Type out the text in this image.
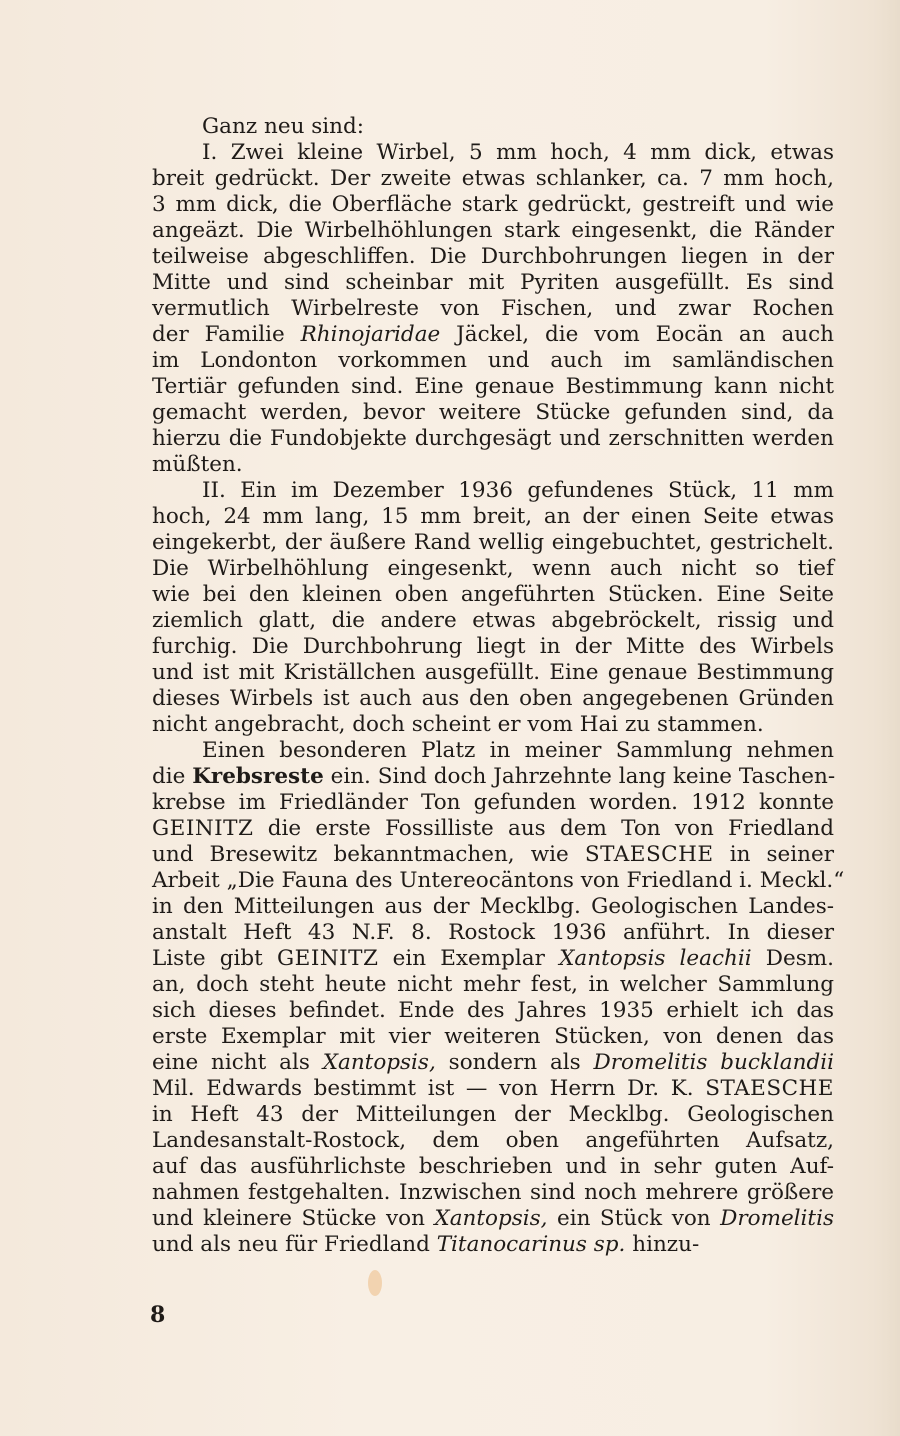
Ganz neu sind:
I. Zwei kleine Wirbel, 5 mm hoch, 4 mm dick, etwas
breit gedrückt. Der zweite etwas schlanker, ca. 7 mm hoch,
3 mm dick, die Oberfläche stark gedrückt, gestreift und wie
angeäzt. Die Wirbelhöhlungen stark eingesenkt, die Ränder
teilweise abgeschliffen. Die Durchbohrungen liegen in der
Mitte und sind scheinbar mit Pyriten ausgefüllt. Es sind
vermutlich Wirbelreste von Fischen, und zwar Rochen
der Familie Rhinojaridae Jäckel, die vom Eocän an auch
im Londonton vorkommen und auch im samländischen
Tertiär gefunden sind. Eine genaue Bestimmung kann nicht
gemacht werden, bevor weitere Stücke gefunden sind, da
hierzu die Fundobjekte durchgesägt und zerschnitten werden
müßten.
II. Ein im Dezember 1936 gefundenes Stück, 11 mm
hoch, 24 mm lang, 15 mm breit, an der einen Seite etwas
eingekerbt, der äußere Rand wellig eingebuchtet, gestrichelt.
Die Wirbelhöhlung eingesenkt, wenn auch nicht so tief
wie bei den kleinen oben angeführten Stücken. Eine Seite
ziemlich glatt, die andere etwas abgebröckelt, rissig und
furchig. Die Durchbohrung liegt in der Mitte des Wirbels
und ist mit Kriställchen ausgefüllt. Eine genaue Bestimmung
dieses Wirbels ist auch aus den oben angegebenen Gründen
nicht angebracht, doch scheint er vom Hai zu stammen.
Einen besonderen Platz in meiner Sammlung nehmen
die Krebsreste ein. Sind doch Jahrzehnte lang keine Taschen-
krebse im Friedländer Ton gefunden worden. 1912 konnte
GEINITZ die erste Fossilliste aus dem Ton von Friedland
und Bresewitz bekanntmachen, wie STAESCHE in seiner
Arbeit „Die Fauna des Untereocäntons von Friedland i. Meckl.“
in den Mitteilungen aus der Mecklbg. Geologischen Landes-
anstalt Heft 43 N.F. 8. Rostock 1936 anführt. In dieser
Liste gibt GEINITZ ein Exemplar Xantopsis leachii Desm.
an, doch steht heute nicht mehr fest, in welcher Sammlung
sich dieses befindet. Ende des Jahres 1935 erhielt ich das
erste Exemplar mit vier weiteren Stücken, von denen das
eine nicht als Xantopsis, sondern als Dromelitis bucklandii
Mil. Edwards bestimmt ist — von Herrn Dr. K. STAESCHE
in Heft 43 der Mitteilungen der Mecklbg. Geologischen
Landesanstalt-Rostock, dem oben angeführten Aufsatz,
auf das ausführlichste beschrieben und in sehr guten Auf-
nahmen festgehalten. Inzwischen sind noch mehrere größere
und kleinere Stücke von Xantopsis, ein Stück von Dromelitis
und als neu für Friedland Titanocarinus sp. hinzu-
8
